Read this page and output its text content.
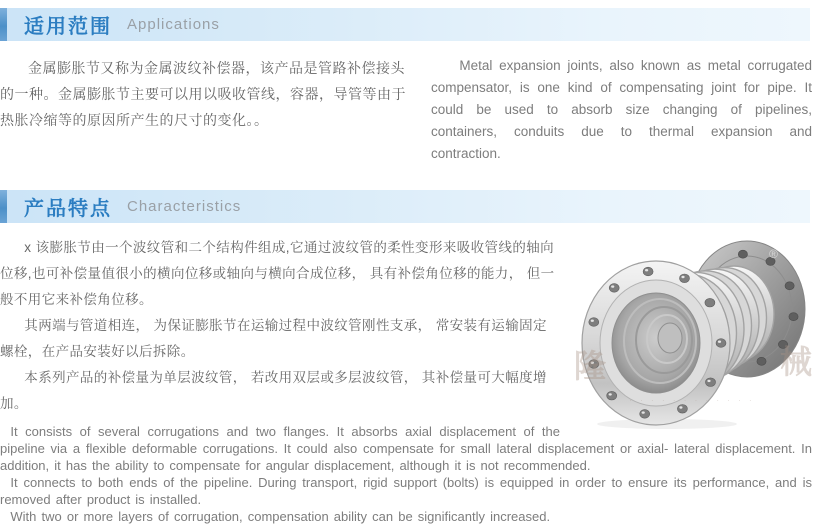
适用范围 Applications

金属膨胀节又称为金属波纹补偿器，该产品是管路补偿接头的一种。金属膨胀节主要可以用以吸收管线，容器，导管等由于热胀冷缩等的原因所产生的尺寸的变化。。

Metal expansion joints, also known as metal corrugated compensator, is one kind of compensating joint for pipe. It could be used to absorb size changing of pipelines, containers, conduits due to thermal expansion and contraction.

产品特点 Characteristics
®
隆	械
· · · · · · · · · · · ·

x 该膨胀节由一个波纹管和二个结构件组成,它通过波纹管的柔性变形来吸收管线的轴向位移,也可补偿量值很小的横向位移或轴向与横向合成位移， 具有补偿角位移的能力， 但一般不用它来补偿角位移。

其两端与管道相连， 为保证膨胀节在运输过程中波纹管刚性支承， 常安装有运输固定螺栓，在产品安装好以后拆除。

本系列产品的补偿量为单层波纹管， 若改用双层或多层波纹管， 其补偿量可大幅度增加。

It consists of several corrugations and two flanges. It absorbs axial displacement of the pipeline via a flexible deformable corrugations. It could also compensate for small lateral displacement or axial- lateral displacement. In addition, it has the ability to compensate for angular displacement, although it is not recommended.

It connects to both ends of the pipeline. During transport, rigid support (bolts) is equipped in order to ensure its performance, and is removed after product is installed.

With two or more layers of corrugation, compensation ability can be significantly increased.
